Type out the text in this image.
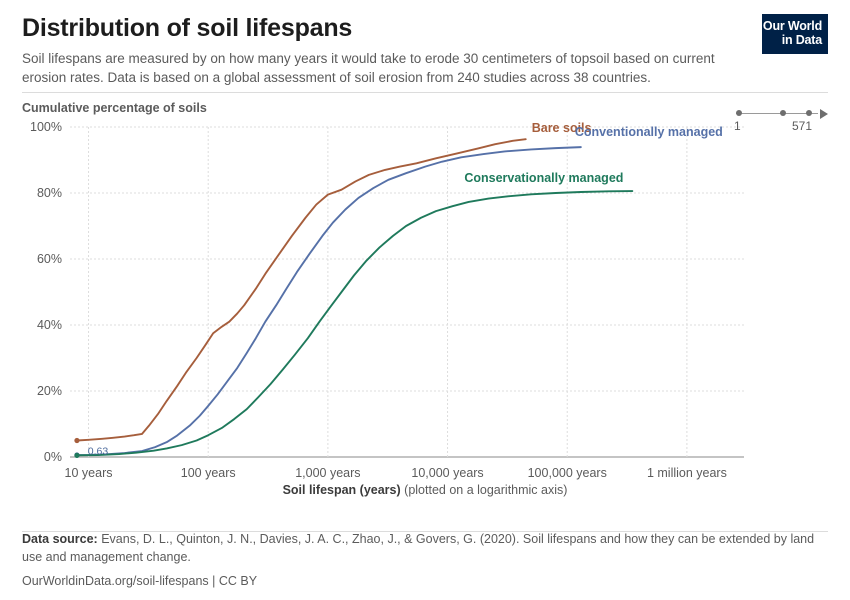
Distribution of soil lifespans

Soil lifespans are measured by on how many years it would take to erode 30 centimeters of topsoil based on current erosion rates. Data is based on a global assessment of soil erosion from 240 studies across 38 countries.

Our World
in Data
Cumulative percentage of soils
1	571
0%
20%
40%
60%
80%
100%
10 years	100 years	1,000 years	10,000 years	100,000 years	1 million years
0.63
Bare soils
Conventionally managed
Conservationally managed
Soil lifespan (years) (plotted on a logarithmic axis)
Data source: Evans, D. L., Quinton, J. N., Davies, J. A. C., Zhao, J., & Govers, G. (2020). Soil lifespans and how they can be extended by land use and management change.
OurWorldinData.org/soil-lifespans | CC BY
